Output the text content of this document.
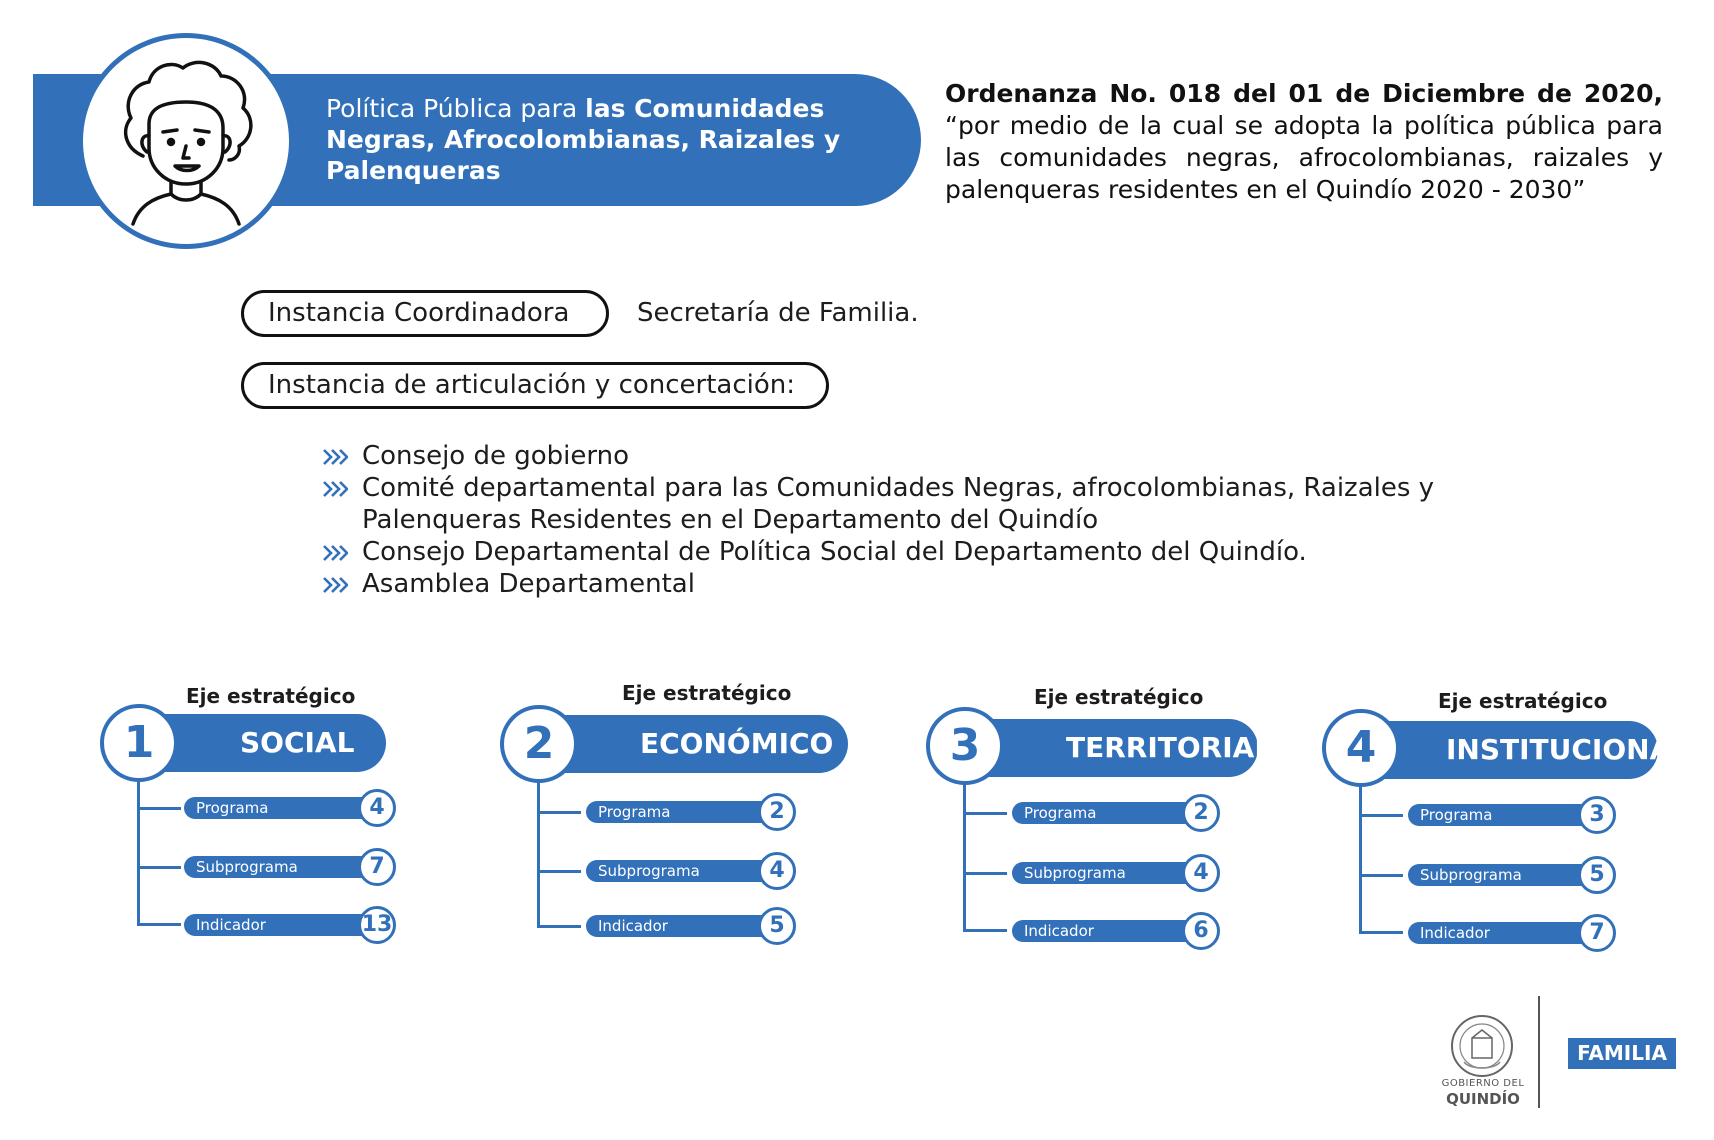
Política Pública para las Comunidades Negras, Afrocolombianas, Raizales y Palenqueras
Ordenanza No. 018 del 01 de Diciembre de 2020, “por medio de la cual se adopta la política pública para las comunidades negras, afrocolombianas, raizales y palenqueras residentes en el Quindío 2020 - 2030”
Instancia Coordinadora	Secretaría de Familia.
Instancia de articulación y concertación:
Consejo de gobierno
Comité departamental para las Comunidades Negras, afrocolombianas, Raizales y Palenqueras Residentes en el Departamento del Quindío
Consejo Departamental de Política Social del Departamento del Quindío.
Asamblea Departamental
Eje estratégico
SOCIAL
1
Programa
Subprograma
Indicador
4
7
13
Eje estratégico
ECONÓMICO
2
Programa
Subprograma
Indicador
2
4
5
Eje estratégico
TERRITORIAL
3
Programa
Subprograma
Indicador
2
4
6
Eje estratégico
INSTITUCIONAL
4
Programa
Subprograma
Indicador
3
5
7
GOBIERNO DEL
QUINDÍO
FAMILIA
